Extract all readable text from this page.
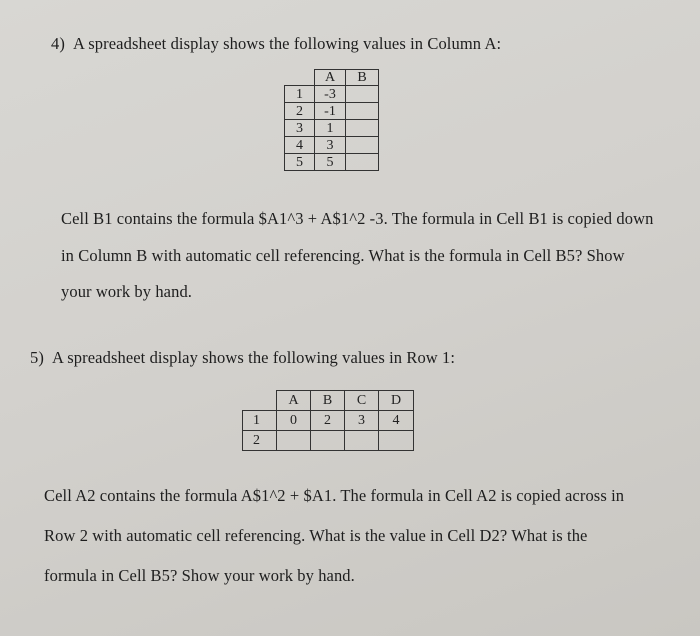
4) A spreadsheet display shows the following values in Column A:
	A	B
1	-3	
2	-1	
3	1	
4	3	
5	5	
Cell B1 contains the formula $A1^3 + A$1^2 -3. The formula in Cell B1 is copied down
in Column B with automatic cell referencing. What is the formula in Cell B5? Show
your work by hand.
5) A spreadsheet display shows the following values in Row 1:
	A	B	C	D
1	0	2	3	4
2				
Cell A2 contains the formula A$1^2 + $A1. The formula in Cell A2 is copied across in
Row 2 with automatic cell referencing. What is the value in Cell D2? What is the
formula in Cell B5? Show your work by hand.
